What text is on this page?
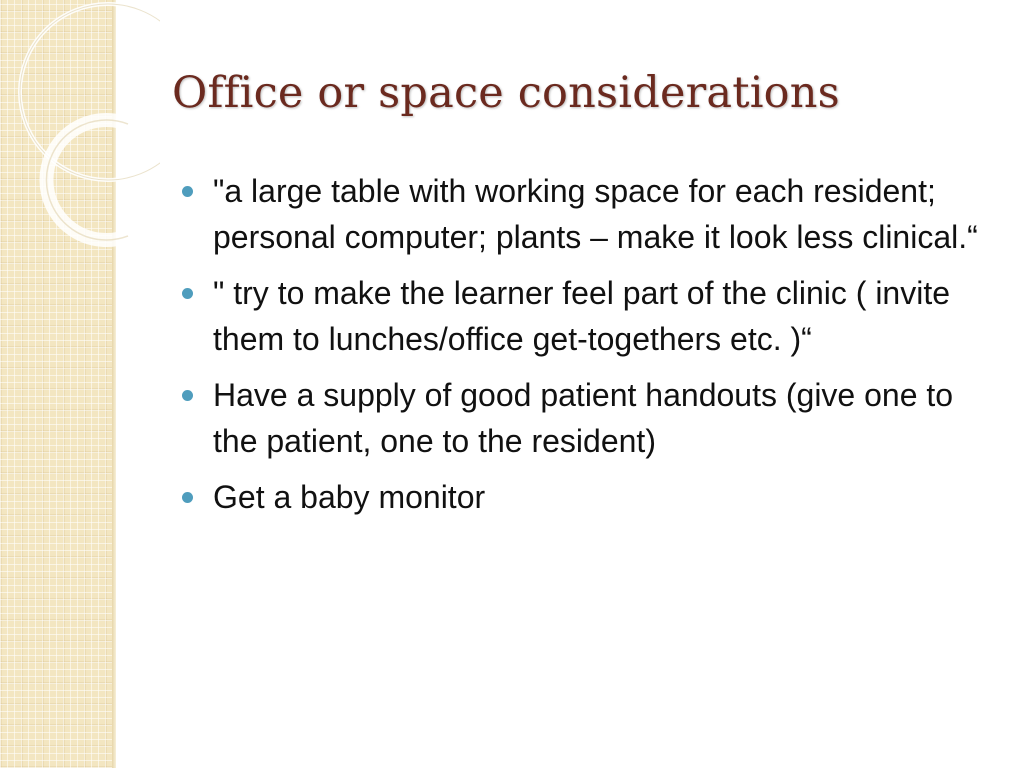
Office or space considerations
"a large table with working space for each resident; personal computer; plants – make it look less clinical.“
" try to make the learner feel part of the clinic ( invite them to lunches/office get-togethers etc. )“
Have a supply of good patient handouts (give one to the patient, one to the resident)
Get a baby monitor
